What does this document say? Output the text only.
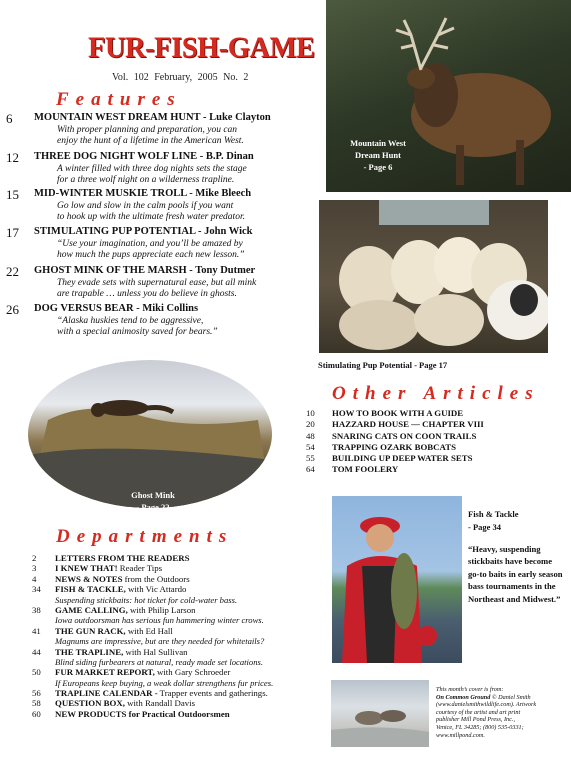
FUR-FISH-GAME
Vol. 102 February, 2005 No. 2
Features
6	MOUNTAIN WEST DREAM HUNT - Luke Clayton
With proper planning and preparation, you can
enjoy the hunt of a lifetime in the American West.
12	THREE DOG NIGHT WOLF LINE - B.P. Dinan
A winter filled with three dog nights sets the stage
for a three wolf night on a wilderness trapline.
15	MID-WINTER MUSKIE TROLL - Mike Bleech
Go low and slow in the calm pools if you want
to hook up with the ultimate fresh water predator.
17	STIMULATING PUP POTENTIAL - John Wick
“Use your imagination, and you’ll be amazed by
how much the pups appreciate each new lesson.”
22	GHOST MINK OF THE MARSH - Tony Dutmer
They evade sets with supernatural ease, but all mink
are trapable … unless you do believe in ghosts.
26	DOG VERSUS BEAR - Miki Collins
“Alaska huskies tend to be aggressive,
with a special animosity saved for bears.”
Mountain West
Dream Hunt
- Page 6
Stimulating Pup Potential - Page 17
Ghost Mink
- Page 22
Other Articles
10	HOW TO BOOK WITH A GUIDE
20	HAZZARD HOUSE — CHAPTER VIII
48	SNARING CATS ON COON TRAILS
54	TRAPPING OZARK BOBCATS
55	BUILDING UP DEEP WATER SETS
64	TOM FOOLERY
Departments
2	LETTERS FROM THE READERS
3	I KNEW THAT! Reader Tips
4	NEWS & NOTES from the Outdoors
34	FISH & TACKLE, with Vic Attardo
Suspending stickbaits: hot ticket for cold-water bass.
38	GAME CALLING, with Philip Larson
Iowa outdoorsman has serious fun hammering winter crows.
41	THE GUN RACK, with Ed Hall
Magnums are impressive, but are they needed for whitetails?
44	THE TRAPLINE, with Hal Sullivan
Blind siding furbearers at natural, ready made set locations.
50	FUR MARKET REPORT, with Gary Schroeder
If Europeans keep buying, a weak dollar strengthens fur prices.
56	TRAPLINE CALENDAR - Trapper events and gatherings.
58	QUESTION BOX, with Randall Davis
60	NEW PRODUCTS for Practical Outdoorsmen
Fish & Tackle
- Page 34
“Heavy, suspending stickbaits have become go-to baits in early season bass tournaments in the Northeast and Midwest.”
This month’s cover is from:
On Common Ground © Daniel Smith
(www.danielsmithwildlife.com). Artwork
courtesy of the artist and art print
publisher Mill Pond Press, Inc.,
Venice, FL 34285; (800) 535-0331;
www.millpond.com.
